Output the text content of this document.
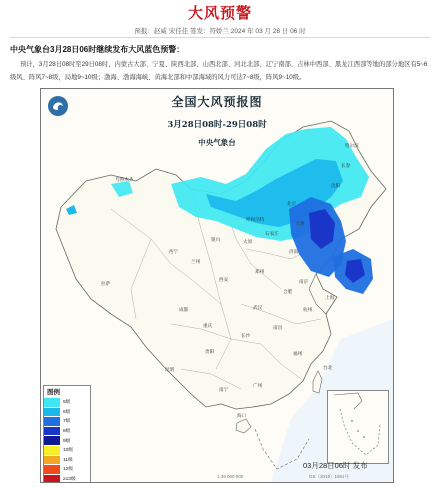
大风预警
预报：赵威 宋佳佳 签发：符娇兰 2024 年 03 月 28 日 06 时
中央气象台3月28日06时继续发布大风蓝色预警：
预计，3月28日08时至29日08时，内蒙古大部、宁夏、陕西北部、山西北部、河北北部、辽宁南部、吉林中西部、黑龙江西部等地的部分地区有5~6级风、阵风7~8级，局地9~10级；渤海、渤海海峡、黄海北部和中部海域的风力可达7~8级，阵风9~10级。
全国大风预报图
3月28日08时-29日08时
中央气象台
乌鲁木齐
拉萨
西宁
兰州
银川
呼和浩特
北京
天津
石家庄
太原
济南
沈阳
长春
哈尔滨
西安
郑州
成都
重庆
武汉
合肥
南京
上海
杭州
长沙
南昌
贵阳
昆明
南宁
广州
福州
台北
海口
图例
5级
6级
7级
8级
9级
10级
11级
12级
≥13级
03月28日06时 发布
1:39 000 000	GS（2019）1651号
